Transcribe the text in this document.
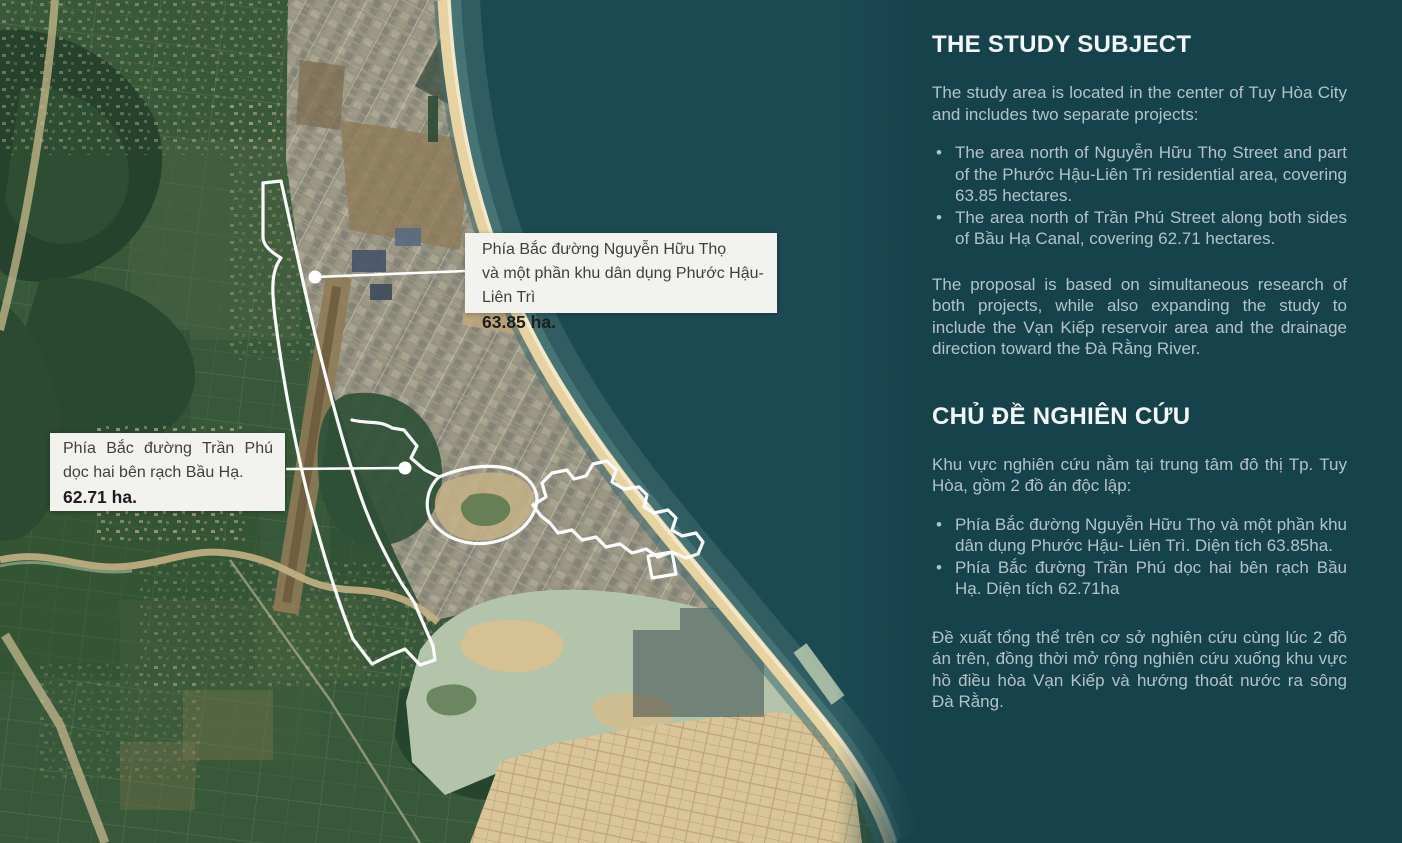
Phía Bắc đường Nguyễn Hữu Thọ
và một phần khu dân dụng Phước Hậu- Liên Trì
63.85 ha.
Phía Bắc đường Trần Phú
dọc hai bên rạch Bầu Hạ.
62.71 ha.
THE STUDY SUBJECT

The study area is located in the center of Tuy Hòa City and includes two separate projects:

• The area north of Nguyễn Hữu Thọ Street and part of the Phước Hậu-Liên Trì residential area, covering 63.85 hectares.
• The area north of Trần Phú Street along both sides of Bầu Hạ Canal, covering 62.71 hectares.

The proposal is based on simultaneous research of both projects, while also expanding the study to include the Vạn Kiếp reservoir area and the drainage direction toward the Đà Rằng River.

CHỦ ĐỀ NGHIÊN CỨU

Khu vực nghiên cứu nằm tại trung tâm đô thị Tp. Tuy Hòa, gồm 2 đồ án độc lập:

• Phía Bắc đường Nguyễn Hữu Thọ và một phần khu dân dụng Phước Hậu- Liên Trì. Diện tích 63.85ha.
• Phía Bắc đường Trần Phú dọc hai bên rạch Bầu Hạ. Diện tích 62.71ha

Đề xuất tổng thể trên cơ sở nghiên cứu cùng lúc 2 đồ án trên, đồng thời mở rộng nghiên cứu xuống khu vực hồ điều hòa Vạn Kiếp và hướng thoát nước ra sông Đà Rằng.
